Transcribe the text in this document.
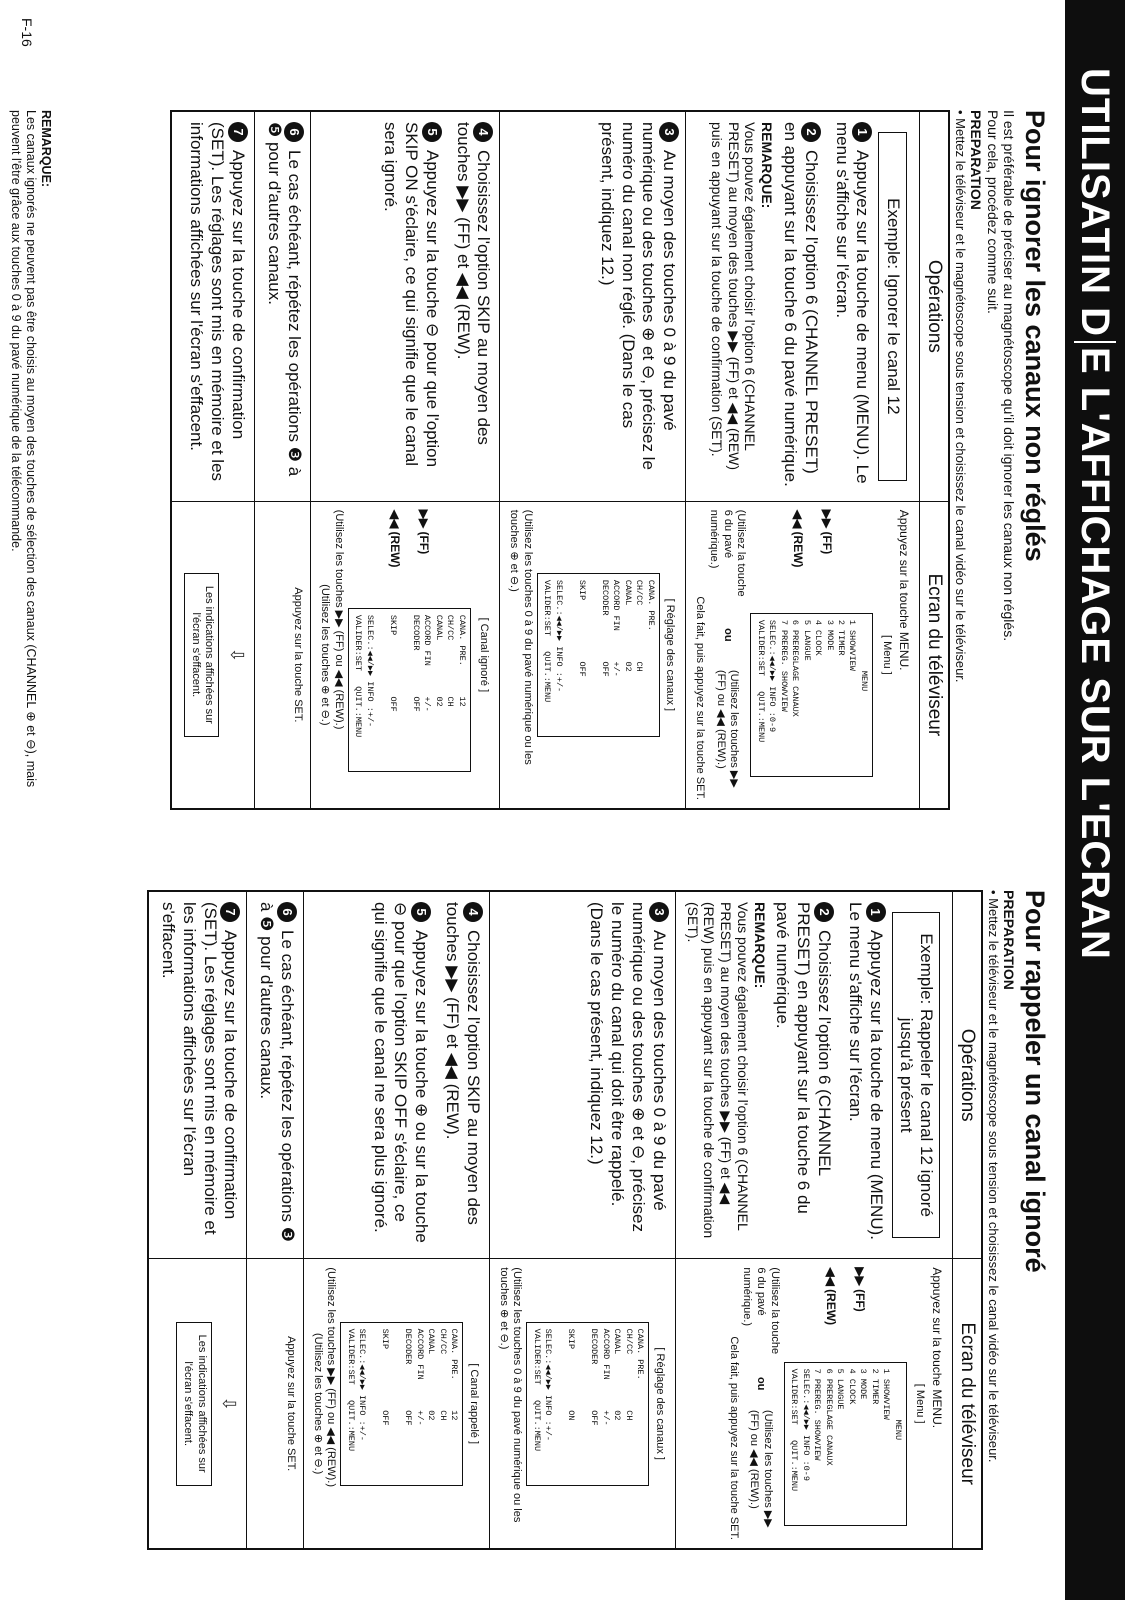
UTILISATIN D
E L'AFFICHAGE SUR L'ECRAN
Pour ignorer les canaux non réglés

Il est préférable de préciser au magnétoscope qu'il doit ignorer les canaux non réglés.

Pour cela, procédez comme suit.

PREPARATION

• Mettez le téléviseur et le magnétoscope sous tension et choisissez le canal vidéo sur le téléviseur.

Opérations
Ecran du téléviseur
Exemple: Ignorer le canal 12
1Appuyez sur la touche de menu (MENU). Le menu s'affiche sur l'écran.
2Choisissez l'option 6 (CHANNEL PRESET) en appuyant sur la touche 6 du pavé numérique.
REMARQUE:
Vous pouvez également choisir l'option 6 (CHANNEL PRESET) au moyen des touches ▶▶ (FF) et ◀◀ (REW) puis en appuyant sur la touche de confirmation (SET).
Appuyez sur la touche MENU.
[ Menu ]
▶▶ (FF)
◀◀ (REW)
MENU
1 SHOWVIEW
2 TIMER
3 MODE
4 CLOCK
5 LANGUE
6 PREREGLAGE CANAUX
7 PREREG. SHOWVIEW
SELEC.:◀◀/▶▶ INFO :0-9
VALIDER:SET   QUIT.:MENU
(Utilisez la touche 6 du pavé numérique.)
ou
(Utilisez les touches ▶▶ (FF) ou ◀◀ (REW).)
Cela fait, puis appuyez sur la touche SET.
3Au moyen des touches 0 à 9 du pavé numérique ou des touches ⊕ et ⊖, précisez le numéro du canal non réglé. (Dans le cas présent, indiquez 12.)
[ Réglage des canaux ]
CANA. PRE.
CH/CC           CH
CANAL           02
ACCORD FIN      +/-
DECODER         OFF

SKIP            OFF

SELEC.:◀◀/▶▶ INFO :+/-
VALIDER:SET   QUIT.:MENU
(Utilisez les touches 0 à 9 du pavé numérique ou les touches ⊕ et ⊖.)
4Choisissez l'option SKIP au moyen des touches ▶▶ (FF) et ◀◀ (REW).
5Appuyez sur la touche ⊖ pour que l'option SKIP ON s'éclaire, ce qui signifie que le canal sera ignoré.
[ Canal ignoré ]
▶▶ (FF)
◀◀ (REW)
CANA. PRE.      12
CH/CC           CH
CANAL           02
ACCORD FIN      +/-
DECODER         OFF

SKIP            OFF

SELEC.:◀◀/▶▶ INFO :+/-
VALIDER:SET   QUIT.:MENU
(Utilisez les touches ▶▶ (FF) ou ◀◀ (REW).)
(Utilisez les touches ⊕ et ⊖.)
6Le cas échéant, répétez les opérations ❸ à ❺ pour d'autres canaux.
Appuyez sur la touche SET.
7Appuyez sur la touche de confirmation (SET). Les réglages sont mis en mémoire et les informations affichées sur l'écran s'effacent.
⇩
Les indications affichées sur l'écran s'effacent.
REMARQUE:
Les canaux ignorés ne peuvent pas être choisis au moyen des touches de sélection des canaux (CHANNEL ⊕ et ⊖), mais peuvent l'être grâce aux touches 0 à 9 du pavé numérique de la télécommande.
Pour rappeler un canal ignoré

PREPARATION

• Mettez le téléviseur et le magnétoscope sous tension et choisissez le canal vidéo sur le téléviseur.

Opérations
Ecran du téléviseur
Exemple: Rappeler le canal 12 ignoré jusqu'à présent
1Appuyez sur la touche de menu (MENU). Le menu s'affiche sur l'écran.
2Choisissez l'option 6 (CHANNEL PRESET) en appuyant sur la touche 6 du pavé numérique.
REMARQUE:
Vous pouvez également choisir l'option 6 (CHANNEL PRESET) au moyen des touches ▶▶ (FF) et ◀◀ (REW) puis en appuyant sur la touche de confirmation (SET).
Appuyez sur la touche MENU.
[ Menu ]
▶▶ (FF)
◀◀ (REW)
MENU
1 SHOWVIEW
2 TIMER
3 MODE
4 CLOCK
5 LANGUE
6 PREREGLAGE CANAUX
7 PREREG. SHOWVIEW
SELEC.:◀◀/▶▶ INFO :0-9
VALIDER:SET   QUIT.:MENU
(Utilisez la touche 6 du pavé numérique.)
ou
(Utilisez les touches ▶▶ (FF) ou ◀◀ (REW).)
Cela fait, puis appuyez sur la touche SET.
3Au moyen des touches 0 à 9 du pavé numérique ou des touches ⊕ et ⊖, précisez le numéro du canal qui doit être rappelé. (Dans le cas présent, indiquez 12.)
[ Réglage des canaux ]
CANA. PRE.
CH/CC           CH
CANAL           02
ACCORD FIN      +/-
DECODER         OFF

SKIP            ON

SELEC.:◀◀/▶▶ INFO :+/-
VALIDER:SET   QUIT.:MENU
(Utilisez les touches 0 à 9 du pavé numérique ou les touches ⊕ et ⊖.)
4Choisissez l'option SKIP au moyen des touches ▶▶ (FF) et ◀◀ (REW).
5Appuyez sur la touche ⊕ ou sur la touche ⊖ pour que l'option SKIP OFF s'éclaire, ce qui signifie que le canal ne sera plus ignoré.
[ Canal rappelé ]
CANA. PRE.      12
CH/CC           CH
CANAL           02
ACCORD FIN      +/-
DECODER         OFF

SKIP            OFF

SELEC.:◀◀/▶▶ INFO :+/-
VALIDER:SET   QUIT.:MENU
(Utilisez les touches ▶▶ (FF) ou ◀◀ (REW).)
(Utilisez les touches ⊕ et ⊖.)
6Le cas échéant, répétez les opérations ❸ à ❺ pour d'autres canaux.
Appuyez sur la touche SET.
7Appuyez sur la touche de confirmation (SET). Les réglages sont mis en mémoire et les informations affichées sur l'écran s'effacent.
⇩
Les indications affichées sur l'écran s'effacent.
F-16
